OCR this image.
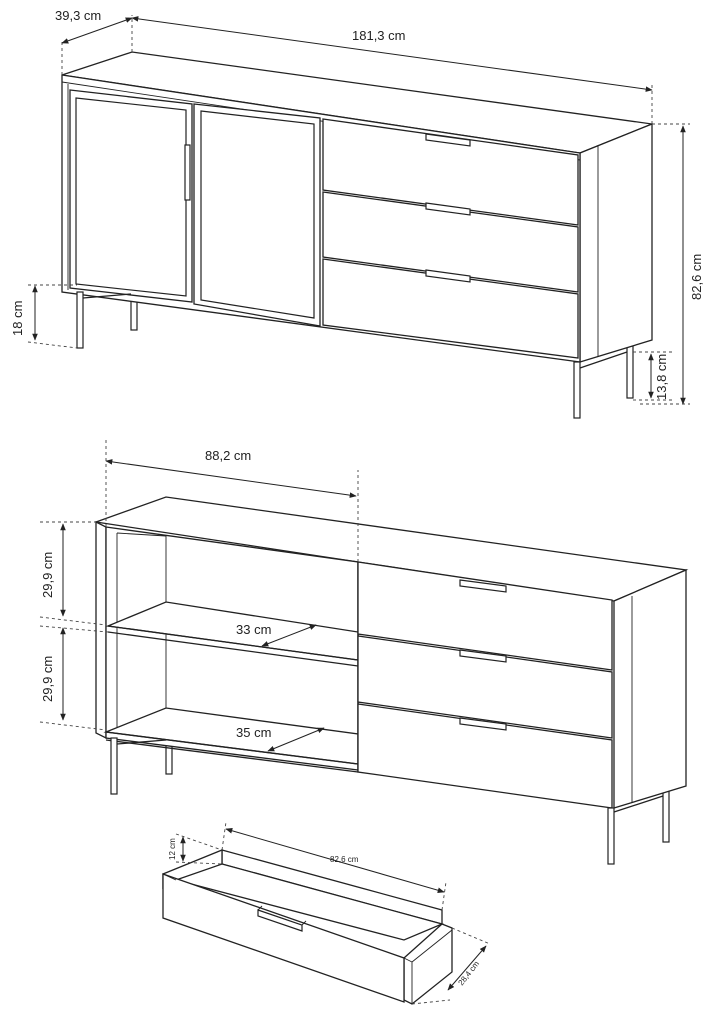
39,3 cm
181,3 cm
82,6 cm
18 cm
13,8 cm
88,2 cm
29,9 cm
29,9 cm
33 cm
35 cm
12 cm	82,6 cm
28,4 cm
